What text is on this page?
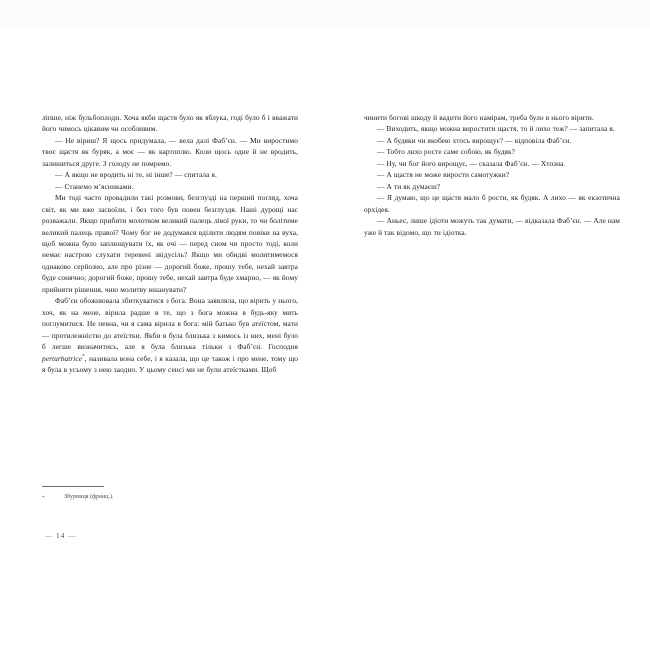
ліпше, ніж бульбоплоди. Хоча якби щастя було як яблука, годі було б і вважати його чимось цікавим чи особливим.

— Не віриш? Я щось придумала, — вела далі Фабʼєн. — Ми виростимо твоє щастя як буряк, а моє — як картоплю. Коли щось одне й не вродить, залишиться друге. З голоду не помремо.

— А якщо не вродить ні те, ні інше? — спитала я.

— Станемо мʼясниками.

Ми тоді часто провадили такі розмови, безглузді на перший погляд, хоча світ, як ми вже засвоїли, і без того був повен безглуздя. Наші дурощі нас розважали. Якщо прибити молотком великий палець лівої руки, то чи болітиме великий палець правої? Чому бог не додумався вділити людям повіки на вуха, щоб можна було заплющувати їх, як очі — перед сном чи просто тоді, коли немає настрою слухати теревені звідусіль? Якщо ми обидві молитимемося однаково серйозно, але про різне — дорогий боже, прошу тебе, нехай завтра буде сонячно; дорогий боже, прошу тебе, нехай завтра буде хмарно, — як йому прийняти рішення, чию молитву вшанувати?

Фабʼєн обожнювала збиткуватися з бога. Вона заявляла, що вірить у нього, хоч, як на мене, вірила радше в те, що з бога можна в будь-яку мить поглумитися. Не певна, чи я сама вірила в бога: мій батько був атеїстом, мати — протилежністю до атеїстки. Якби я була близька з кимось із них, мені було б легше визначитись, але я була близька тільки з Фабʼєн. Господня perturbatrice*, називала вона себе, і я казала, що це також і про мене, тому що я була в усьому з нею заодно. У цьому сенсі ми не були атеїстками. Щоб

*	Збурниця (франц.).
— 14 —

чинити богові шкоду й вадити його намірам, треба було в нього вірити.

— Виходить, якщо можна виростити щастя, то й лихо теж? — запитала я.

— А будяки чи якобею хтось вирощує? — відповіла Фабʼєн.

— Тобто лихо росте саме собою, як будяк?

— Ну, чи бог його вирощує, — сказала Фабʼєн. — Хтозна.

— А щастя не може вирости самотужки?

— А ти як думаєш?

— Я думаю, що це ща́стя мало б рости, як будяк. А лихо — як екзотична орхідея.

— Аньес, лише ідіоти можуть так думати, — відказала Фабʼєн. — Але нам уже й так відомо, що ти ідіотка.
